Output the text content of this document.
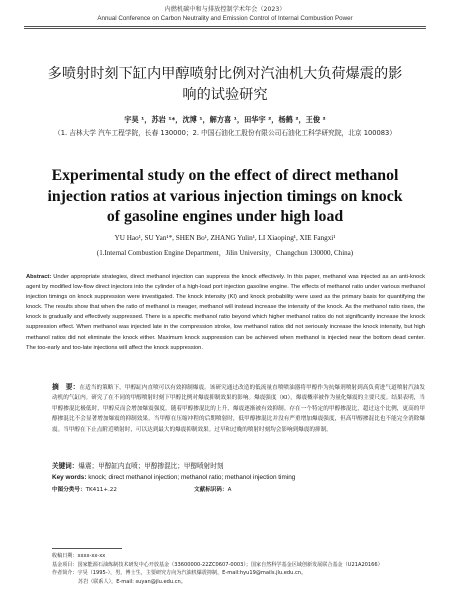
内燃机碳中和与排放控制学术年会（2023）
Annual Conference on Carbon Neutrality and Emission Control of Internal Combustion Power
多喷射时刻下缸内甲醇喷射比例对汽油机大负荷爆震的影
响的试验研究
宇昊 ¹，苏岩 ¹*，沈博 ¹，解方喜 ¹，田华宇 ²，杨鹤 ²，王俊 ²
（1. 吉林大学 汽车工程学院，长春 130000；2. 中国石油化工股份有限公司石油化工科学研究院，北京 100083）
Experimental study on the effect of direct methanol
injection ratios at various injection timings on knock
of gasoline engines under high load
YU Hao¹, SU Yan¹*, SHEN Bo¹, ZHANG Yulin¹, LI Xiaoping¹, XIE Fangxi¹
(1.Internal Combustion Engine Department，Jilin University，Changchun 130000, China)
Abstract: Under appropriate strategies, direct methanol injection can suppress the knock effectively. In this paper, methanol was injected as an anti-knock agent by modified low-flow direct injectors into the cylinder of a high-load port injection gasoline engine. The effects of methanol ratio under various methanol injection timings on knock suppression were investigated. The knock intensity (KI) and knock probability were used as the primary basis for quantifying the knock. The results show that when the ratio of methanol is meager, methanol will instead increase the intensity of the knock. As the methanol ratio rises, the knock is gradually and effectively suppressed. There is a specific methanol ratio beyond which higher methanol ratios do not significantly increase the knock suppression effect. When methanol was injected late in the compression stroke, low methanol ratios did not seriously increase the knock intensity, but high methanol ratios did not eliminate the knock either. Maximum knock suppression can be achieved when methanol is injected near the bottom dead center. The too-early and too-late injections will affect the knock suppression.
摘　要：在适当的策略下，甲醇缸内直喷可以有效抑制爆震。该研究通过改造的低流量直喷喷油器将甲醇作为抗爆剂喷射到高负荷进气道喷射汽油发动机的气缸内。研究了在不同的甲醇喷射时刻下甲醇比例对爆震抑制效果的影响。爆震强度（KI），爆震概率被作为量化爆震的主要尺度。结果表明，当甲醇掺混比极低时，甲醇反而会增加爆震强度。随着甲醇掺混比的上升，爆震逐渐被有效抑制。存在一个特定的甲醇掺混比，超过这个比例，更高的甲醇掺混比不会显著增加爆震的抑制效果。当甲醇在压缩冲程的后期喷射时，低甲醇掺混比并没有严重增加爆震强度，但高甲醇掺混比也不能完全消除爆震。当甲醇在下止点附近喷射时，可以达到最大的爆震抑制效果。过早和过晚的喷射时刻均会影响到爆震的抑制。
关键词：爆震；甲醇缸内直喷；甲醇掺混比；甲醇喷射时刻
Key words: knock; direct methanol injection; methanol ratio; methanol injection timing
中图分类号：TK411+.22	文献标识码：A
收稿日期： xxxx-xx-xx
基金项目： 国家能源石油炼制技术研发中心开放基金（33600000-22ZC0607-0003）；国家自然科学基金区域创新发展联合基金（U21A20166）
作者简介： 宇昊（1995-），男，博士生，主要研究方向为汽油机爆震抑制，E-mail:hyu19@mails.jlu.edu.cn。
苏岩（联系人），E-mail: suyan@jlu.edu.cn。
